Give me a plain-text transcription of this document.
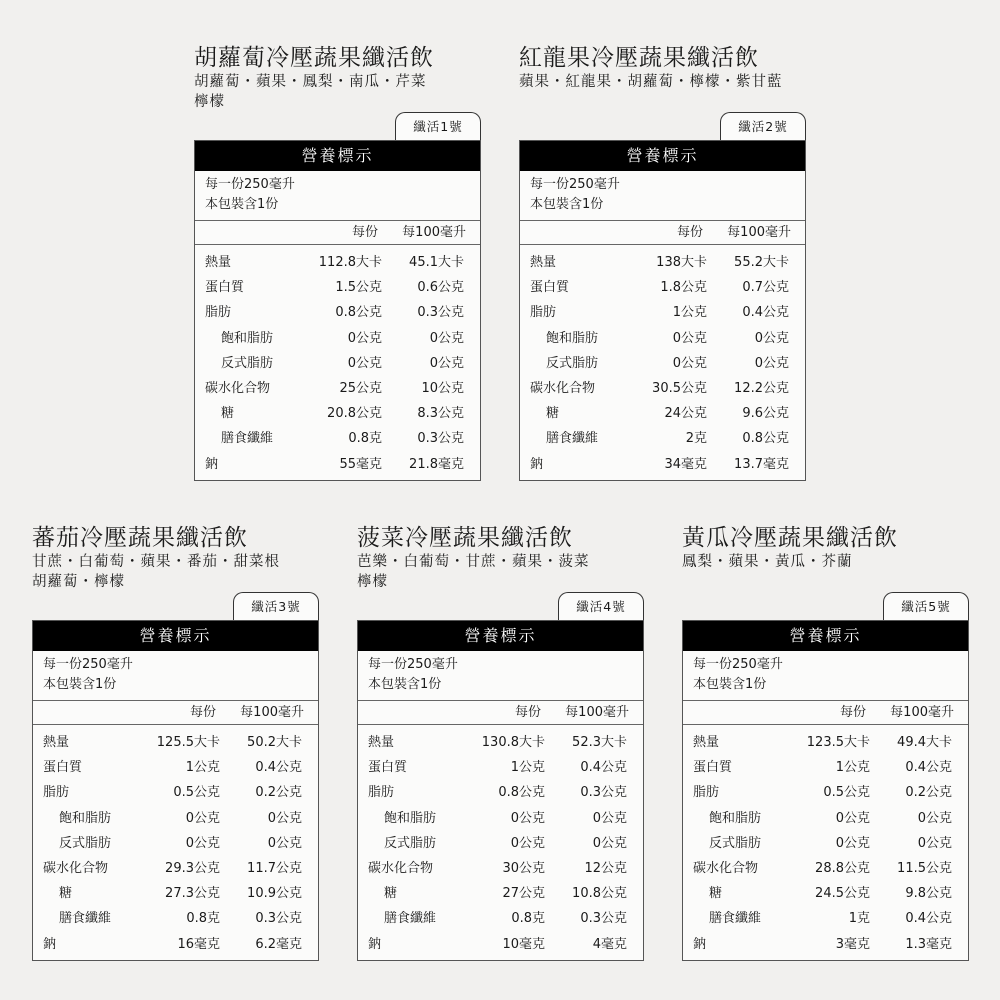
胡蘿蔔冷壓蔬果纖活飲
胡蘿蔔・蘋果・鳳梨・南瓜・芹菜
檸檬
纖活1號
營養標示
每一份250毫升
本包裝含1份
每份	每100毫升
熱量	112.8大卡	45.1大卡
蛋白質	1.5公克	0.6公克
脂肪	0.8公克	0.3公克
飽和脂肪	0公克	0公克
反式脂肪	0公克	0公克
碳水化合物	25公克	10公克
糖	20.8公克	8.3公克
膳食纖維	0.8克	0.3公克
鈉	55毫克	21.8毫克
紅龍果冷壓蔬果纖活飲
蘋果・紅龍果・胡蘿蔔・檸檬・紫甘藍
纖活2號
營養標示
每一份250毫升
本包裝含1份
每份	每100毫升
熱量	138大卡	55.2大卡
蛋白質	1.8公克	0.7公克
脂肪	1公克	0.4公克
飽和脂肪	0公克	0公克
反式脂肪	0公克	0公克
碳水化合物	30.5公克	12.2公克
糖	24公克	9.6公克
膳食纖維	2克	0.8公克
鈉	34毫克	13.7毫克
蕃茄冷壓蔬果纖活飲
甘蔗・白葡萄・蘋果・番茄・甜菜根
胡蘿蔔・檸檬
纖活3號
營養標示
每一份250毫升
本包裝含1份
每份	每100毫升
熱量	125.5大卡	50.2大卡
蛋白質	1公克	0.4公克
脂肪	0.5公克	0.2公克
飽和脂肪	0公克	0公克
反式脂肪	0公克	0公克
碳水化合物	29.3公克	11.7公克
糖	27.3公克	10.9公克
膳食纖維	0.8克	0.3公克
鈉	16毫克	6.2毫克
菠菜冷壓蔬果纖活飲
芭樂・白葡萄・甘蔗・蘋果・菠菜
檸檬
纖活4號
營養標示
每一份250毫升
本包裝含1份
每份	每100毫升
熱量	130.8大卡	52.3大卡
蛋白質	1公克	0.4公克
脂肪	0.8公克	0.3公克
飽和脂肪	0公克	0公克
反式脂肪	0公克	0公克
碳水化合物	30公克	12公克
糖	27公克	10.8公克
膳食纖維	0.8克	0.3公克
鈉	10毫克	4毫克
黃瓜冷壓蔬果纖活飲
鳳梨・蘋果・黃瓜・芥蘭
纖活5號
營養標示
每一份250毫升
本包裝含1份
每份	每100毫升
熱量	123.5大卡	49.4大卡
蛋白質	1公克	0.4公克
脂肪	0.5公克	0.2公克
飽和脂肪	0公克	0公克
反式脂肪	0公克	0公克
碳水化合物	28.8公克	11.5公克
糖	24.5公克	9.8公克
膳食纖維	1克	0.4公克
鈉	3毫克	1.3毫克
